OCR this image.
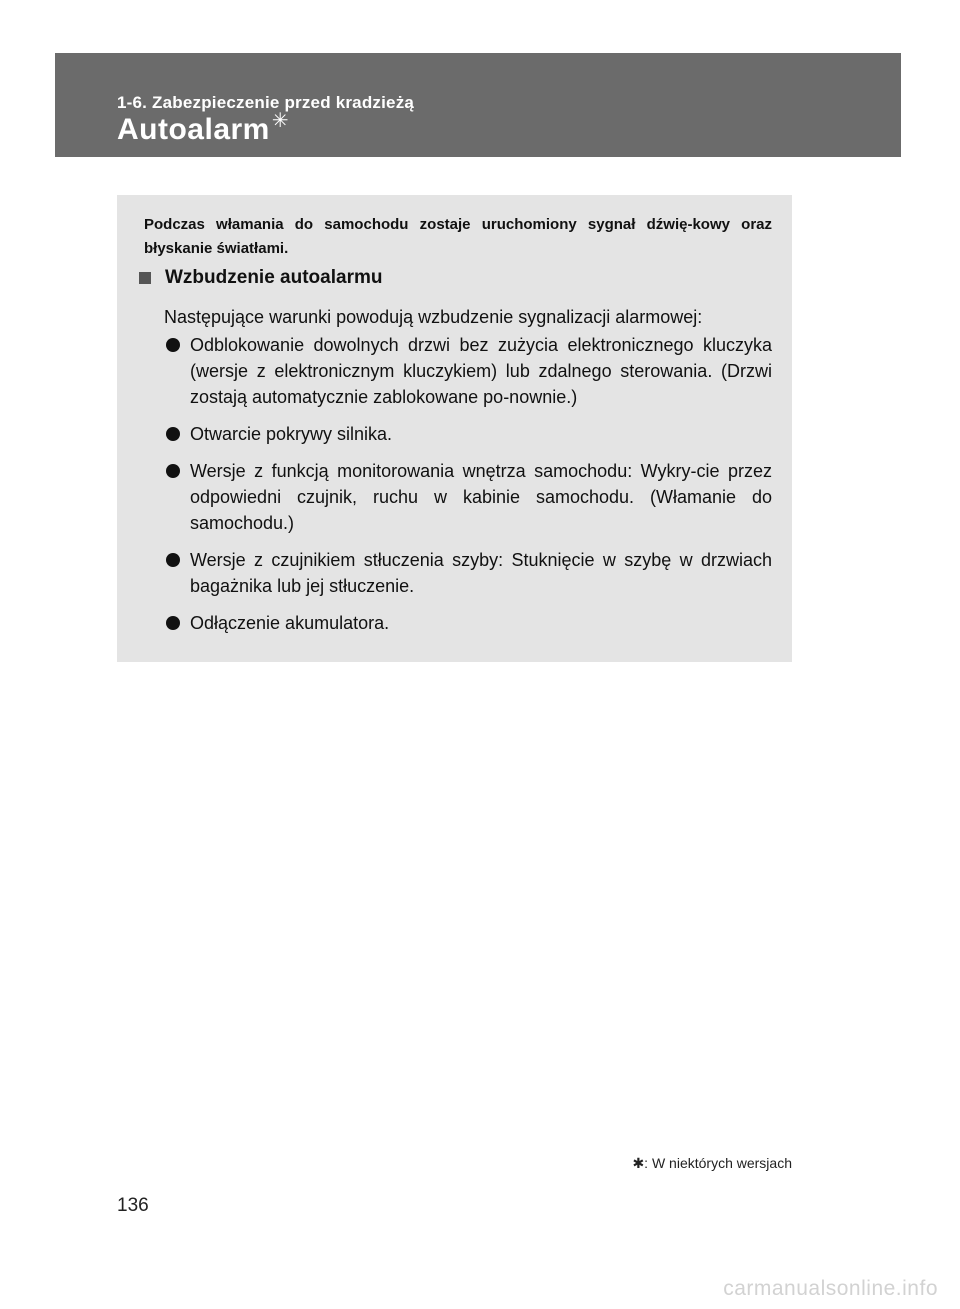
1-6. Zabezpieczenie przed kradzieżą
Autoalarm ✳
Podczas włamania do samochodu zostaje uruchomiony sygnał dźwię-kowy oraz błyskanie światłami.
Wzbudzenie autoalarmu
Następujące warunki powodują wzbudzenie sygnalizacji alarmowej:
Odblokowanie dowolnych drzwi bez zużycia elektronicznego kluczyka (wersje z elektronicznym kluczykiem) lub zdalnego sterowania. (Drzwi zostają automatycznie zablokowane po-nownie.)
Otwarcie pokrywy silnika.
Wersje z funkcją monitorowania wnętrza samochodu: Wykry-cie przez odpowiedni czujnik, ruchu w kabinie samochodu. (Włamanie do samochodu.)
Wersje z czujnikiem stłuczenia szyby: Stuknięcie w szybę w drzwiach bagażnika lub jej stłuczenie.
Odłączenie akumulatora.
✱: W niektórych wersjach
136
carmanualsonline.info
